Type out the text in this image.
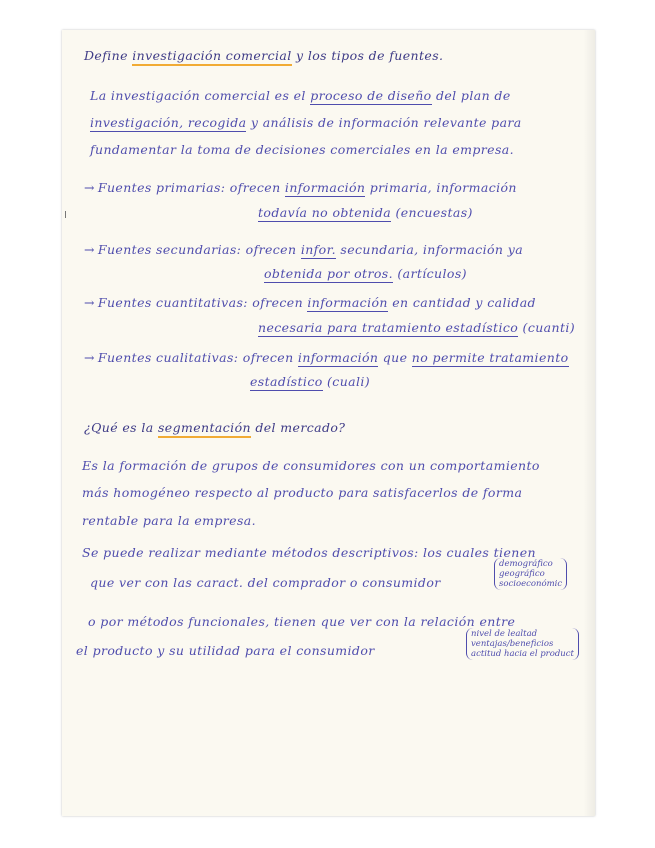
Define investigación comercial y los tipos de fuentes.
La investigación comercial es el proceso de diseño del plan de
investigación, recogida y análisis de información relevante para
fundamentar la toma de decisiones comerciales en la empresa.
→ Fuentes primarias: ofrecen información primaria, información
todavía no obtenida (encuestas)
→ Fuentes secundarias: ofrecen infor. secundaria, información ya
obtenida por otros. (artículos)
→ Fuentes cuantitativas: ofrecen información en cantidad y calidad
necesaria para tratamiento estadístico (cuanti)
→ Fuentes cualitativas: ofrecen información que no permite tratamiento
estadístico (cuali)
¿Qué es la segmentación del mercado?
Es la formación de grupos de consumidores con un comportamiento
más homogéneo respecto al producto para satisfacerlos de forma
rentable para la empresa.
Se puede realizar mediante métodos descriptivos: los cuales tienen
que ver con las caract. del comprador o consumidor
demográfico
geográfico
socioeconómic
o por métodos funcionales, tienen que ver con la relación entre
el producto y su utilidad para el consumidor
nivel de lealtad
ventajas/beneficios
actitud hacia el product
